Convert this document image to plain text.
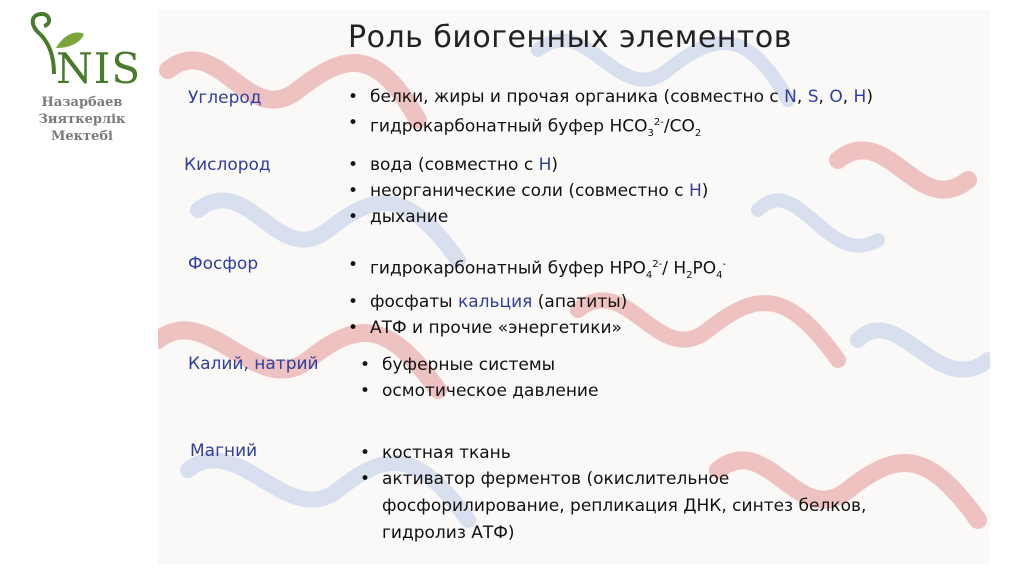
NIS
Назарбаев
Зияткерлік
Мектебі
Роль биогенных элементов
Углерод	• белки, жиры и прочая органика (совместно с N, S, O, H)
• гидрокарбонатный буфер $HCO_3^{2-}/CO_2$
Кислород	• вода (совместно с H)
• неорганические соли (совместно с H)
• дыхание
Фосфор	• гидрокарбонатный буфер $HPO_4^{2-}/$ $H_2PO_4^-$
• фосфаты кальция (апатиты)
• АТФ и прочие «энергетики»
Калий, натрий	• буферные системы
• осмотическое давление
Магний	• костная ткань
• активатор ферментов (окислительное фосфорилирование, репликация ДНК, синтез белков, гидролиз АТФ)
